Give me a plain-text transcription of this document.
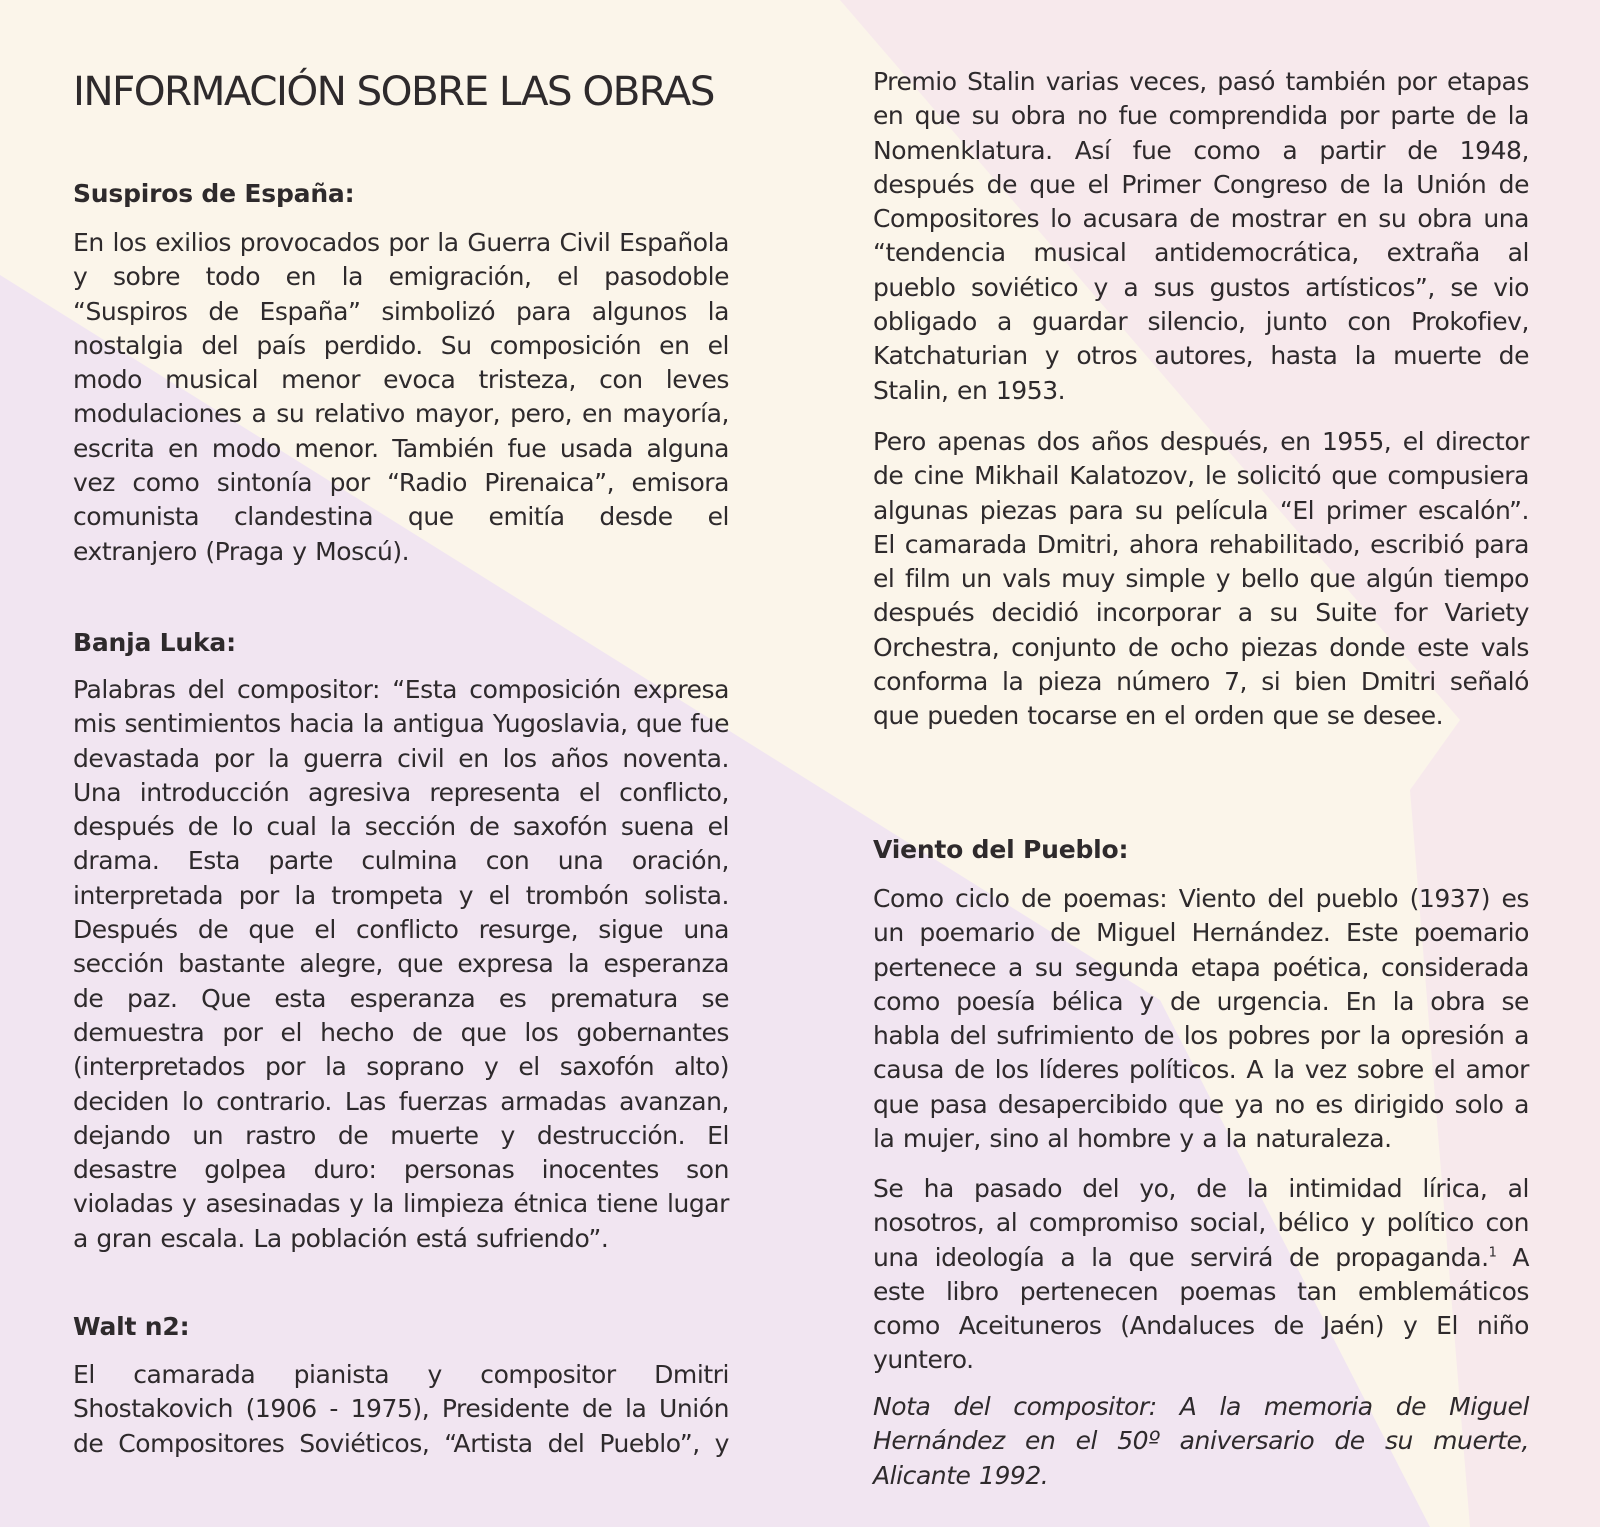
INFORMACIÓN SOBRE LAS OBRAS
Suspiros de España:

En los exilios provocados por la Guerra Civil Española y sobre todo en la emigración, el pasodoble “Suspiros de España” simbolizó para algunos la nostalgia del país perdido. Su composición en el modo musical menor evoca tristeza, con leves modulaciones a su relativo mayor, pero, en mayoría, escrita en modo menor. También fue usada alguna vez como sintonía por “Radio Pirenaica”, emisora comunista clandestina que emitía desde el extranjero (Praga y Moscú).

Banja Luka:

Palabras del compositor: “Esta composición expresa mis sentimientos hacia la antigua Yugoslavia, que fue devastada por la guerra civil en los años noventa. Una introducción agresiva representa el conflicto, después de lo cual la sección de saxofón suena el drama. Esta parte culmina con una oración, interpretada por la trompeta y el trombón solista. Después de que el conflicto resurge, sigue una sección bastante alegre, que expresa la esperanza de paz. Que esta esperanza es prematura se demuestra por el hecho de que los gobernantes (interpretados por la soprano y el saxofón alto) deciden lo contrario. Las fuerzas armadas avanzan, dejando un rastro de muerte y destrucción. El desastre golpea duro: personas inocentes son violadas y asesinadas y la limpieza étnica tiene lugar a gran escala. La población está sufriendo”.

Walt n2:

El camarada pianista y compositor Dmitri Shostakovich (1906 - 1975), Presidente de la Unión de Compositores Soviéticos, “Artista del Pueblo”, y

Premio Stalin varias veces, pasó también por etapas en que su obra no fue comprendida por parte de la Nomenklatura. Así fue como a partir de 1948, después de que el Primer Congreso de la Unión de Compositores lo acusara de mostrar en su obra una “tendencia musical antidemocrática, extraña al pueblo soviético y a sus gustos artísticos”, se vio obligado a guardar silencio, junto con Prokofiev, Katchaturian y otros autores, hasta la muerte de Stalin, en 1953.

Pero apenas dos años después, en 1955, el director de cine Mikhail Kalatozov, le solicitó que compusiera algunas piezas para su película “El primer escalón”. El camarada Dmitri, ahora rehabilitado, escribió para el film un vals muy simple y bello que algún tiempo después decidió incorporar a su Suite for Variety Orchestra, conjunto de ocho piezas donde este vals conforma la pieza número 7, si bien Dmitri señaló que pueden tocarse en el orden que se desee.

Viento del Pueblo:

Como ciclo de poemas: Viento del pueblo (1937) es un poemario de Miguel Hernández. Este poemario pertenece a su segunda etapa poética, considerada como poesía bélica y de urgencia. En la obra se habla del sufrimiento de los pobres por la opresión a causa de los líderes políticos. A la vez sobre el amor que pasa desapercibido que ya no es dirigido solo a la mujer, sino al hombre y a la naturaleza.

Se ha pasado del yo, de la intimidad lírica, al nosotros, al compromiso social, bélico y político con una ideología a la que servirá de propaganda.$^1$ A este libro pertenecen poemas tan emblemáticos como Aceituneros (Andaluces de Jaén) y El niño yuntero.

Nota del compositor: A la memoria de Miguel Hernández en el 50º aniversario de su muerte, Alicante 1992.
